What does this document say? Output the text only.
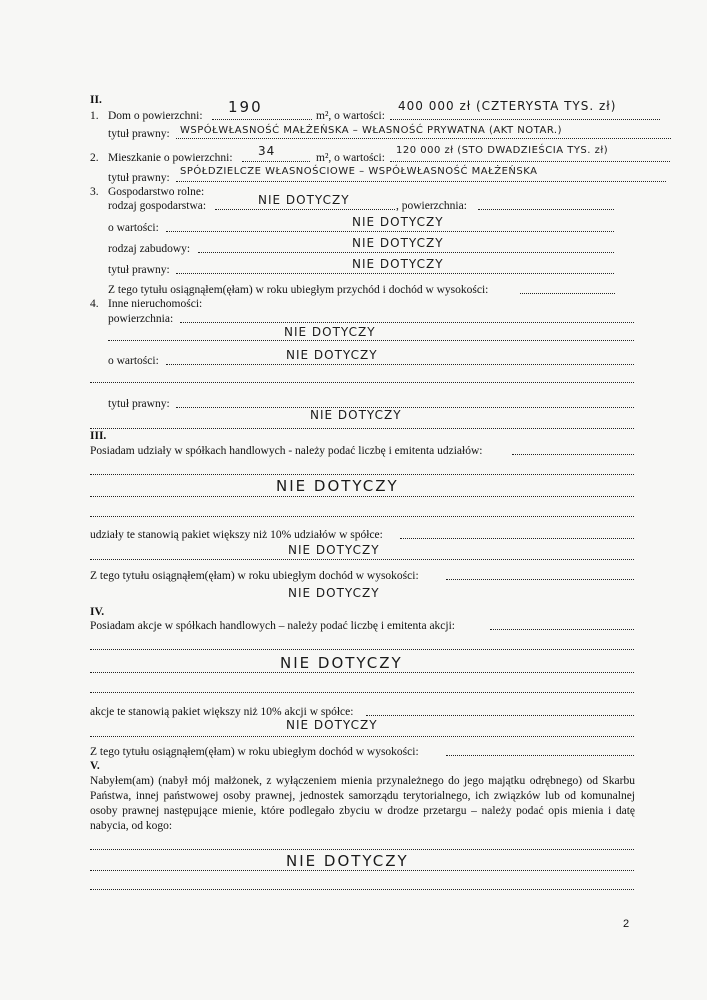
II.
1. Dom o powierzchni: 190	m², o wartości:
400 000 zł (CZTERYSTA TYS. zł)
tytuł prawny: WSPÓŁWŁASNOŚĆ MAŁŻEŃSKA – WŁASNOŚĆ PRYWATNA (AKT NOTAR.)
2. Mieszkanie o powierzchni: 34	m², o wartości:
120 000 zł (STO DWADZIEŚCIA TYS. zł)
tytuł prawny:
SPÓŁDZIELCZE WŁASNOŚCIOWE – WSPÓŁWŁASNOŚĆ MAŁŻEŃSKA
3. Gospodarstwo rolne:
rodzaj gospodarstwa:	NIE DOTYCZY	, powierzchnia:
o wartości:	NIE DOTYCZY
rodzaj zabudowy:	NIE DOTYCZY
tytuł prawny:	NIE DOTYCZY
Z tego tytułu osiągnąłem(ęłam) w roku ubiegłym przychód i dochód w wysokości:
4. Inne nieruchomości:
powierzchnia:
NIE DOTYCZY
o wartości:	NIE DOTYCZY
tytuł prawny:
NIE DOTYCZY
III.
Posiadam udziały w spółkach handlowych - należy podać liczbę i emitenta udziałów:
NIE DOTYCZY
udziały te stanowią pakiet większy niż 10% udziałów w spółce:
NIE DOTYCZY
Z tego tytułu osiągnąłem(ęłam) w roku ubiegłym dochód w wysokości:
NIE DOTYCZY
IV.
Posiadam akcje w spółkach handlowych – należy podać liczbę i emitenta akcji:
NIE DOTYCZY
akcje te stanowią pakiet większy niż 10% akcji w spółce:
NIE DOTYCZY
Z tego tytułu osiągnąłem(ęłam) w roku ubiegłym dochód w wysokości:
V.
Nabyłem(am) (nabył mój małżonek, z wyłączeniem mienia przynależnego do jego majątku odrębnego) od Skarbu Państwa, innej państwowej osoby prawnej, jednostek samorządu terytorialnego, ich związków lub od komunalnej osoby prawnej następujące mienie, które podlegało zbyciu w drodze przetargu – należy podać opis mienia i datę nabycia, od kogo:
NIE DOTYCZY
2
